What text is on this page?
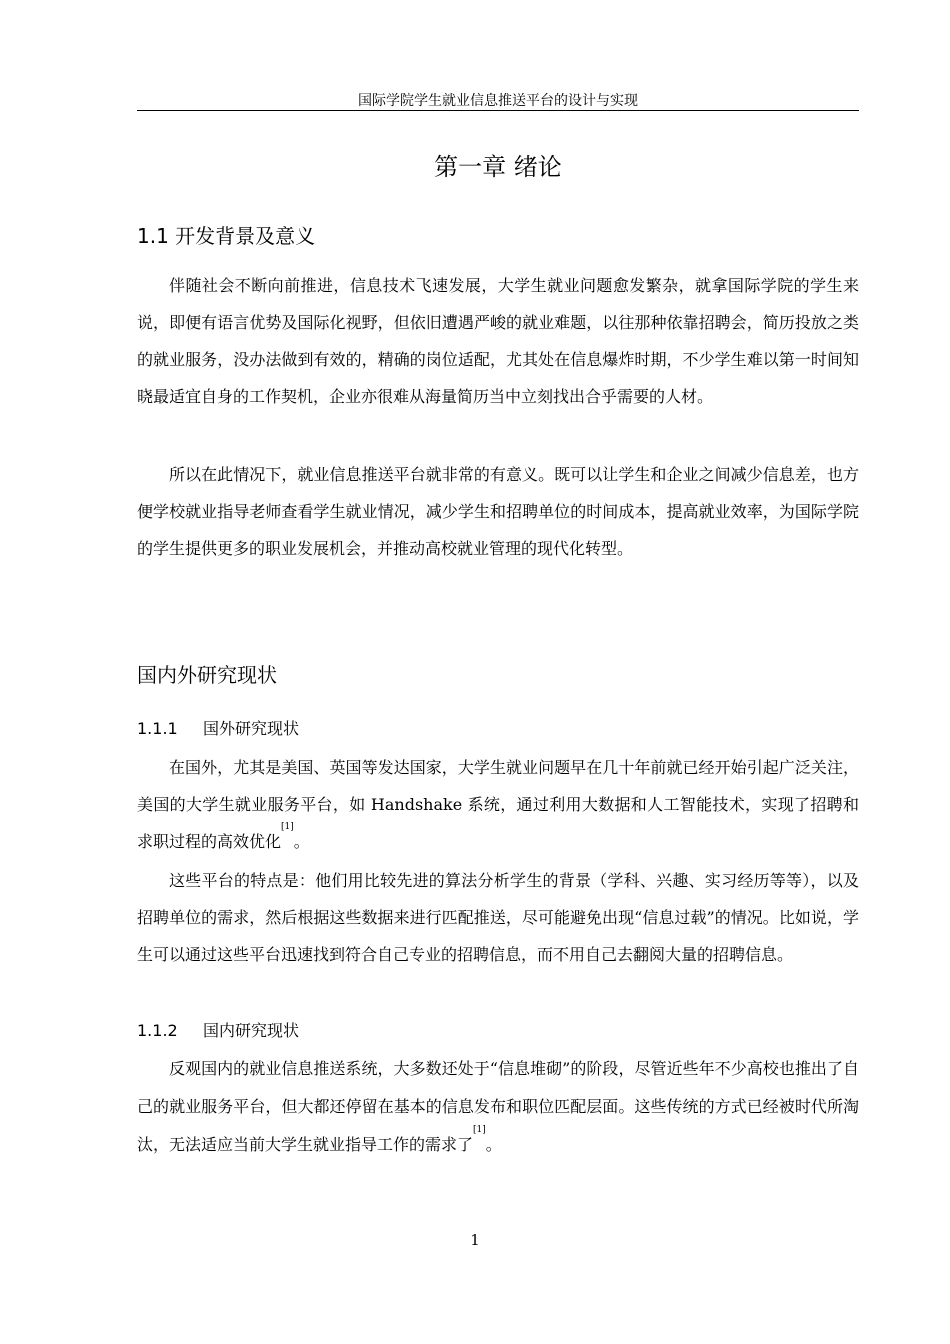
国际学院学生就业信息推送平台的设计与实现
第一章 绪论
1.1 开发背景及意义

伴随社会不断向前推进，信息技术飞速发展，大学生就业问题愈发繁杂，就拿国际学院的学生来说，即便有语言优势及国际化视野，但依旧遭遇严峻的就业难题，以往那种依靠招聘会，简历投放之类的就业服务，没办法做到有效的，精确的岗位适配，尤其处在信息爆炸时期，不少学生难以第一时间知晓最适宜自身的工作契机，企业亦很难从海量简历当中立刻找出合乎需要的人材。

所以在此情况下，就业信息推送平台就非常的有意义。既可以让学生和企业之间减少信息差，也方便学校就业指导老师查看学生就业情况，减少学生和招聘单位的时间成本，提高就业效率，为国际学院的学生提供更多的职业发展机会，并推动高校就业管理的现代化转型。

国内外研究现状
1.1.1 国外研究现状

在国外，尤其是美国、英国等发达国家，大学生就业问题早在几十年前就已经开始引起广泛关注，美国的大学生就业服务平台，如 Handshake 系统，通过利用大数据和人工智能技术，实现了招聘和求职过程的高效优化[1]。

这些平台的特点是：他们用比较先进的算法分析学生的背景（学科、兴趣、实习经历等等），以及招聘单位的需求，然后根据这些数据来进行匹配推送，尽可能避免出现“信息过载”的情况。比如说，学生可以通过这些平台迅速找到符合自己专业的招聘信息，而不用自己去翻阅大量的招聘信息。

1.1.2 国内研究现状

反观国内的就业信息推送系统，大多数还处于“信息堆砌”的阶段，尽管近些年不少高校也推出了自己的就业服务平台，但大都还停留在基本的信息发布和职位匹配层面。这些传统的方式已经被时代所淘汰，无法适应当前大学生就业指导工作的需求了[1]。

1
